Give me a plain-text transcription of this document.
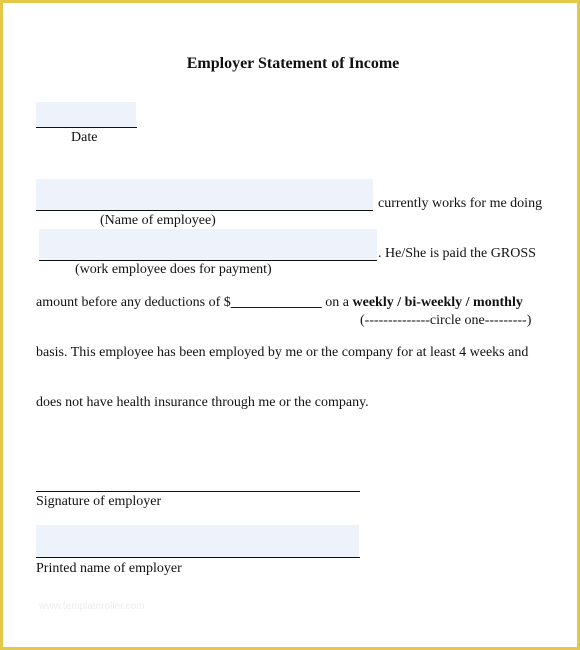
Employer Statement of Income
Date
currently works for me doing
(Name of employee)
. He/She is paid the GROSS
(work employee does for payment)
amount before any deductions of $_____________ on a weekly / bi-weekly / monthly
(--------------circle one---------)
basis. This employee has been employed by me or the company for at least 4 weeks and
does not have health insurance through me or the company.
Signature of employer
Printed name of employer
www.templateroller.com
